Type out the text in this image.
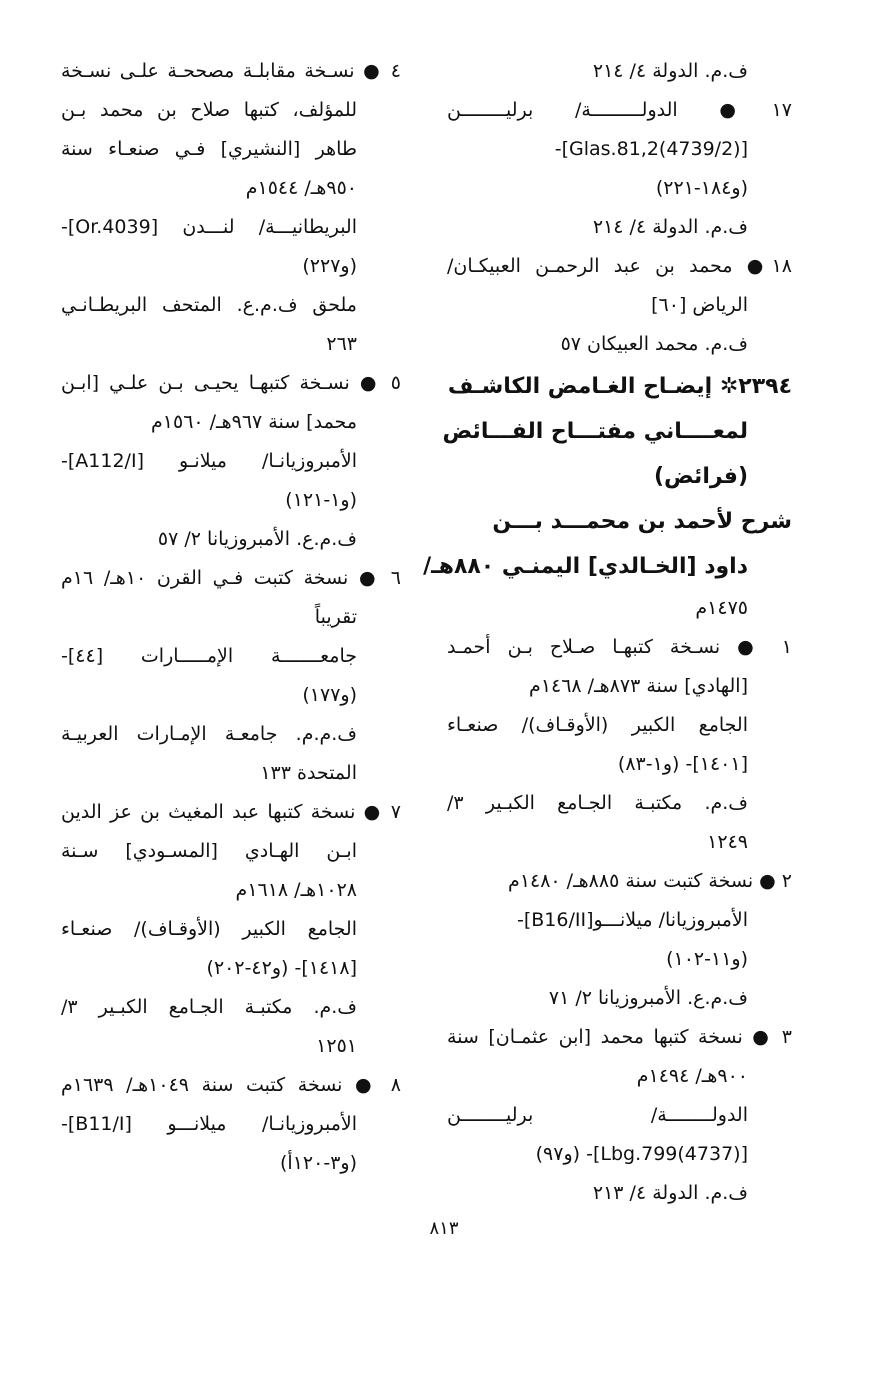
ف.م. الدولة ٤/ ٢١٤
١٧● الدولـــــــــة/ برليــــــــن
[Glas.81,2(4739/2)]-
(و١٨٤-٢٢١)
ف.م. الدولة ٤/ ٢١٤
١٨● محمد بن عبد الرحمـن العبيكـان/
الرياض [٦٠]
ف.م. محمد العبيكان ٥٧
٢٣٩٤✲ إيضـاح الغـامض الكاشـف
لمعــــاني مفتـــاح الفـــائض
(فرائض)
شرح لأحمد بن محمـــد بـــن
داود [الخـالدي] اليمنـي ٨٨٠هـ/
١٤٧٥م
١ ● نسـخة كتبهـا صـلاح بـن أحمـد
[الهادي] سنة ٨٧٣هـ/ ١٤٦٨م
الجامع الكبير (الأوقـاف)/ صنعـاء
[١٤٠١]- (و١-٨٣)
ف.م. مكتبـة الجـامع الكبـير ٣/
١٢٤٩
٢ ● نسخة كتبت سنة ٨٨٥هـ/ ١٤٨٠م
الأمبروزيانا/ ميلانـــو[B16/II]-
(و١١-١٠٢)
ف.م.ع. الأمبروزيانا ٢/ ٧١
٣ ● نسخة كتبها محمد [ابن عثمـان] سنة
٩٠٠هـ/ ١٤٩٤م
الدولــــــــة/ برليــــــــن
[Lbg.799(4737)]- (و٩٧)
ف.م. الدولة ٤/ ٢١٣
٤ ● نسـخة مقابلـة مصححـة علـى نسـخة
للمؤلف، كتبها صلاح بن محمد بـن
طاهر [النشيري] فـي صنعـاء سنة
٩٥٠هـ/ ١٥٤٤م
البريطانيـــة/ لنـــدن [Or.4039]-
(و٢٢٧)
ملحق ف.م.ع. المتحف البريطـانـي
٢٦٣
٥ ● نسـخة كتبهـا يحيـى بـن علـي [ابـن
محمد] سنة ٩٦٧هـ/ ١٥٦٠م
الأمبروزيانـا/ ميلانـو [A112/I]-
(و١-١٢١)
ف.م.ع. الأمبروزيانا ٢/ ٥٧
٦ ● نسخة كتبت فـي القرن ١٠هـ/ ١٦م
تقريباً
جامعـــــــة الإمـــــارات [٤٤]-
(و١٧٧)
ف.م.م. جامعـة الإمـارات العربيـة
المتحدة ١٣٣
٧ ● نسخة كتبها عبد المغيث بن عز الدين
ابـن الهـادي [المسـودي] سـنة
١٠٢٨هـ/ ١٦١٨م
الجامع الكبير (الأوقـاف)/ صنعـاء
[١٤١٨]- (و٤٢-٢٠٢)
ف.م. مكتبـة الجـامع الكبـير ٣/
١٢٥١
٨ ● نسخة كتبت سنة ١٠٤٩هـ/ ١٦٣٩م
الأمبروزيانـا/ ميلانـــو [B11/I]-
(و٣-١٢٠أ)
٨١٣
